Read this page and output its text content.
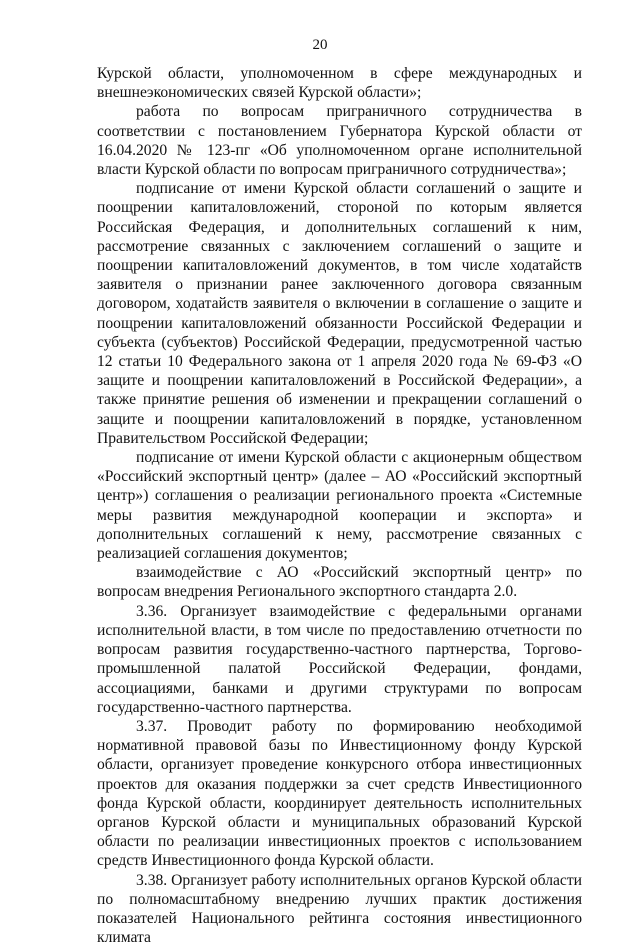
20

Курской области, уполномоченном в сфере международных и внешнеэкономических связей Курской области»;

работа по вопросам приграничного сотрудничества в соответствии с постановлением Губернатора Курской области от 16.04.2020 № 123-пг «Об уполномоченном органе исполнительной власти Курской области по вопросам приграничного сотрудничества»;

подписание от имени Курской области соглашений о защите и поощрении капиталовложений, стороной по которым является Российская Федерация, и дополнительных соглашений к ним, рассмотрение связанных с заключением соглашений о защите и поощрении капиталовложений документов, в том числе ходатайств заявителя о признании ранее заключенного договора связанным договором, ходатайств заявителя о включении в соглашение о защите и поощрении капиталовложений обязанности Российской Федерации и субъекта (субъектов) Российской Федерации, предусмотренной частью 12 статьи 10 Федерального закона от 1 апреля 2020 года № 69-ФЗ «О защите и поощрении капиталовложений в Российской Федерации», а также принятие решения об изменении и прекращении соглашений о защите и поощрении капиталовложений в порядке, установленном Правительством Российской Федерации;

подписание от имени Курской области с акционерным обществом «Российский экспортный центр» (далее – АО «Российский экспортный центр») соглашения о реализации регионального проекта «Системные меры развития международной кооперации и экспорта» и дополнительных соглашений к нему, рассмотрение связанных с реализацией соглашения документов;

взаимодействие с АО «Российский экспортный центр» по вопросам внедрения Регионального экспортного стандарта 2.0.

3.36. Организует взаимодействие с федеральными органами исполнительной власти, в том числе по предоставлению отчетности по вопросам развития государственно-частного партнерства, Торгово-промышленной палатой Российской Федерации, фондами, ассоциациями, банками и другими структурами по вопросам государственно-частного партнерства.

3.37. Проводит работу по формированию необходимой нормативной правовой базы по Инвестиционному фонду Курской области, организует проведение конкурсного отбора инвестиционных проектов для оказания поддержки за счет средств Инвестиционного фонда Курской области, координирует деятельность исполнительных органов Курской области и муниципальных образований Курской области по реализации инвестиционных проектов с использованием средств Инвестиционного фонда Курской области.

3.38. Организует работу исполнительных органов Курской области по полномасштабному внедрению лучших практик достижения показателей Национального рейтинга состояния инвестиционного климата
